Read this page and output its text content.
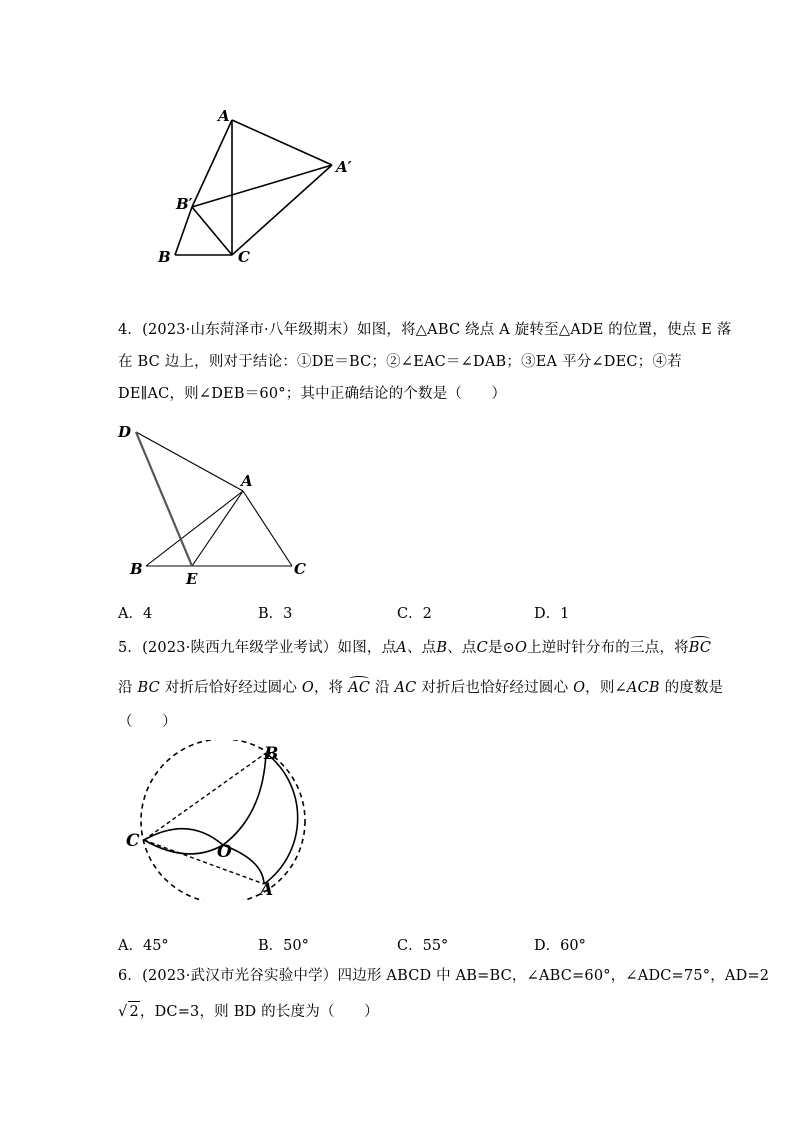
A
A′
B′
B	C
4．(2023·山东菏泽市·八年级期末）如图，将△ABC 绕点 A 旋转至△ADE 的位置，使点 E 落
在 BC 边上，则对于结论：①DE＝BC；②∠EAC＝∠DAB；③EA 平分∠DEC；④若
DE∥AC，则∠DEB＝60°；其中正确结论的个数是（　　）
D
A
B
E
C
A．4	B．3	C．2	D．1
5．(2023·陕西九年级学业考试）如图，点A、点B、点C是⊙O上逆时针分布的三点，将BC
沿 BC 对折后恰好经过圆心 O，将 AC 沿 AC 对折后也恰好经过圆心 O，则∠ACB 的度数是
（　　）
B
C
O
A
A．45°	B．50°	C．55°	D．60°
6．(2023·武汉市光谷实验中学）四边形 ABCD 中 AB=BC，∠ABC=60°，∠ADC=75°，AD=2
√ 2，DC=3，则 BD 的长度为（　　）
